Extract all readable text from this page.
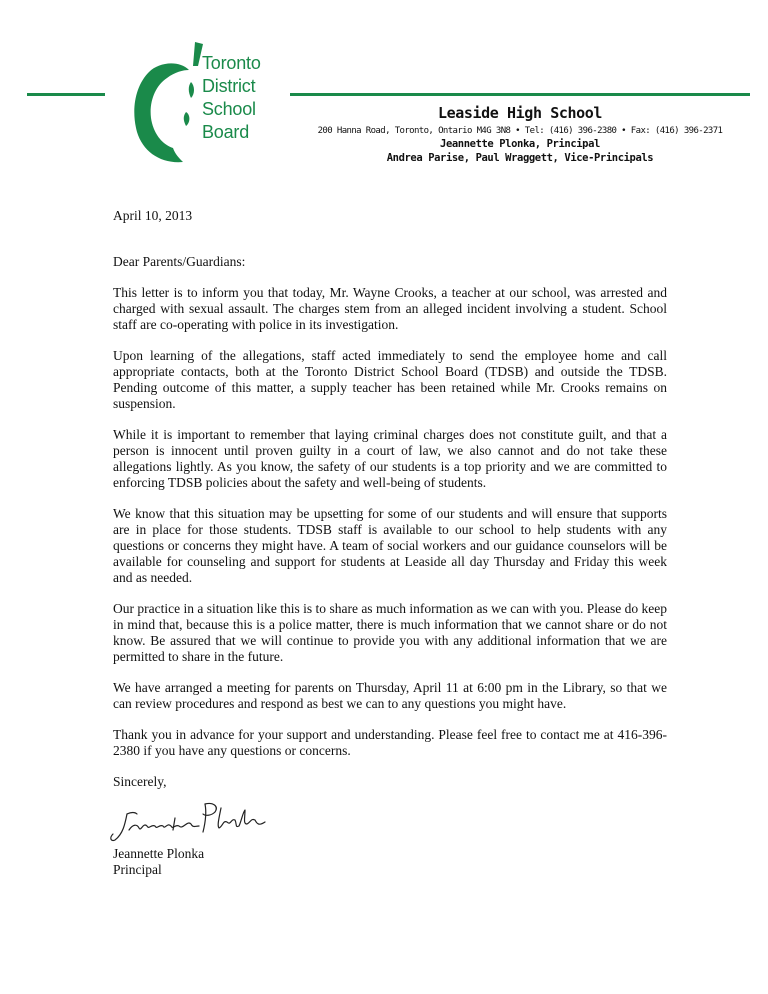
Toronto
District
School
Board
Leaside High School
200 Hanna Road, Toronto, Ontario M4G 3N8 • Tel: (416) 396-2380 • Fax: (416) 396-2371
Jeannette Plonka, Principal
Andrea Parise, Paul Wraggett, Vice-Principals

April 10, 2013

Dear Parents/Guardians:

This letter is to inform you that today, Mr. Wayne Crooks, a teacher at our school, was arrested and charged with sexual assault. The charges stem from an alleged incident involving a student. School staff are co-operating with police in its investigation.

Upon learning of the allegations, staff acted immediately to send the employee home and call appropriate contacts, both at the Toronto District School Board (TDSB) and outside the TDSB. Pending outcome of this matter, a supply teacher has been retained while Mr. Crooks remains on suspension.

While it is important to remember that laying criminal charges does not constitute guilt, and that a person is innocent until proven guilty in a court of law, we also cannot and do not take these allegations lightly. As you know, the safety of our students is a top priority and we are committed to enforcing TDSB policies about the safety and well-being of students.

We know that this situation may be upsetting for some of our students and will ensure that supports are in place for those students. TDSB staff is available to our school to help students with any questions or concerns they might have. A team of social workers and our guidance counselors will be available for counseling and support for students at Leaside all day Thursday and Friday this week and as needed.

Our practice in a situation like this is to share as much information as we can with you. Please do keep in mind that, because this is a police matter, there is much information that we cannot share or do not know. Be assured that we will continue to provide you with any additional information that we are permitted to share in the future.

We have arranged a meeting for parents on Thursday, April 11 at 6:00 pm in the Library, so that we can review procedures and respond as best we can to any questions you might have.

Thank you in advance for your support and understanding. Please feel free to contact me at 416-396-2380 if you have any questions or concerns.

Sincerely,

Jeannette Plonka
Principal
